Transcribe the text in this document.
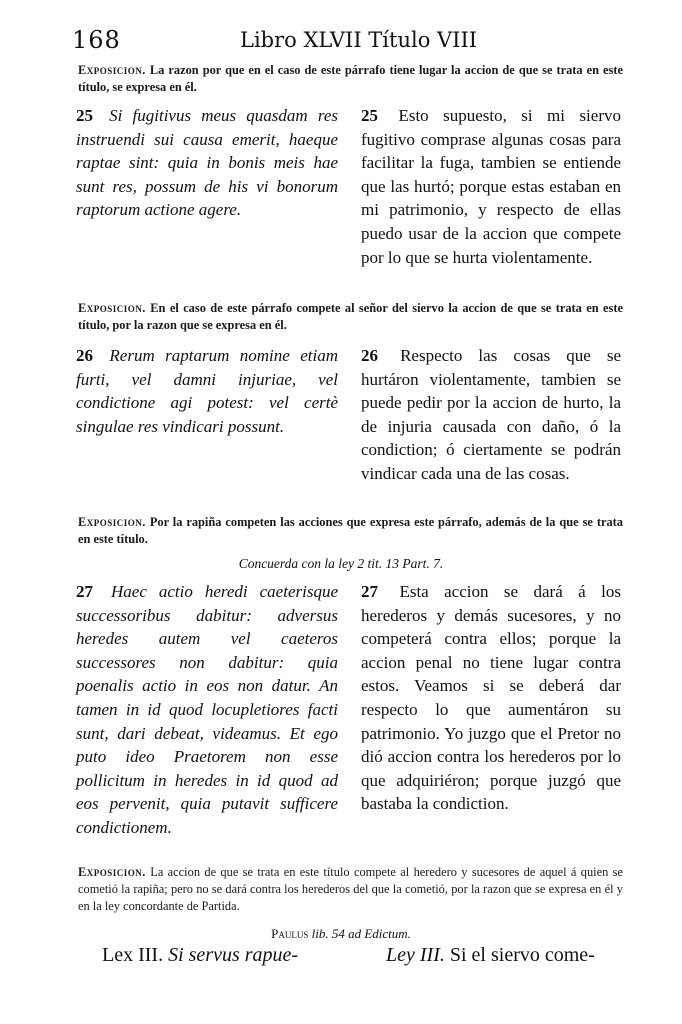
168	Libro XLVII Título VIII
Exposicion. La razon por que en el caso de este párrafo tiene lugar la accion de que se trata en este título, se expresa en él.
25 Si fugitivus meus quasdam res instruendi sui causa emerit, haeque raptae sint: quia in bonis meis hae sunt res, possum de his vi bonorum raptorum actione agere.
25 Esto supuesto, si mi siervo fugitivo comprase algunas cosas para facilitar la fuga, tambien se entiende que las hurtó; porque estas estaban en mi patrimonio, y respecto de ellas puedo usar de la accion que compete por lo que se hurta violentamente.
Exposicion. En el caso de este párrafo compete al señor del siervo la accion de que se trata en este título, por la razon que se expresa en él.
26 Rerum raptarum nomine etiam furti, vel damni injuriae, vel condictione agi potest: vel certè singulae res vindicari possunt.
26 Respecto las cosas que se hurtáron violentamente, tambien se puede pedir por la accion de hurto, la de injuria causada con daño, ó la condiction; ó ciertamente se podrán vindicar cada una de las cosas.
Exposicion. Por la rapiña competen las acciones que expresa este párrafo, además de la que se trata en este título.
Concuerda con la ley 2 tit. 13 Part. 7.
27 Haec actio heredi caeterisque successoribus dabitur: adversus heredes autem vel caeteros successores non dabitur: quia poenalis actio in eos non datur. An tamen in id quod locupletiores facti sunt, dari debeat, videamus. Et ego puto ideo Praetorem non esse pollicitum in heredes in id quod ad eos pervenit, quia putavit sufficere condictionem.
27 Esta accion se dará á los herederos y demás sucesores, y no competerá contra ellos; porque la accion penal no tiene lugar contra estos. Veamos si se deberá dar respecto lo que aumentáron su patrimonio. Yo juzgo que el Pretor no dió accion contra los herederos por lo que adquiriéron; porque juzgó que bastaba la condiction.
Exposicion. La accion de que se trata en este título compete al heredero y sucesores de aquel á quien se cometió la rapiña; pero no se dará contra los herederos del que la cometió, por la razon que se expresa en él y en la ley concordante de Partida.
Paulus lib. 54 ad Edictum.
Lex III. Si servus rapue-	Ley III. Si el siervo come-
